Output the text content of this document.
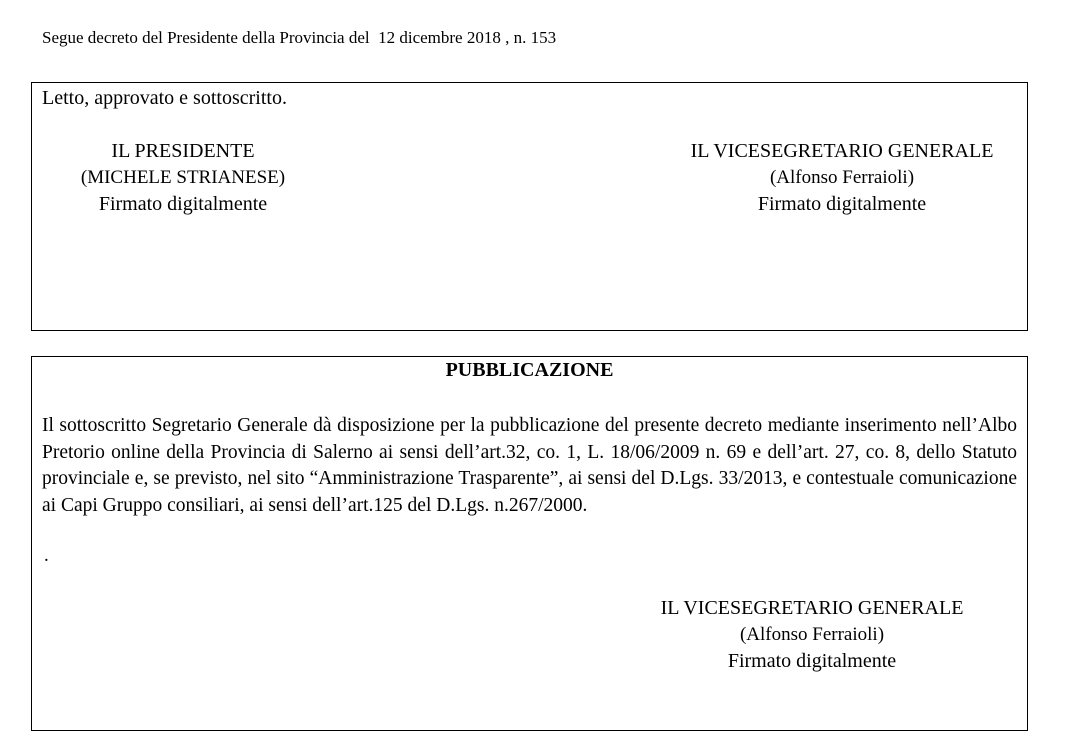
Segue decreto del Presidente della Provincia del  12 dicembre 2018 , n. 153
Letto, approvato e sottoscritto.
IL PRESIDENTE
(MICHELE STRIANESE)
Firmato digitalmente
IL VICESEGRETARIO GENERALE
(Alfonso Ferraioli)
Firmato digitalmente
PUBBLICAZIONE
Il sottoscritto Segretario Generale dà disposizione per la pubblicazione del presente decreto mediante inserimento nell’Albo Pretorio online della Provincia di Salerno ai sensi dell’art.32, co. 1, L. 18/06/2009 n. 69 e dell’art. 27, co. 8, dello Statuto provinciale e, se previsto, nel sito “Amministrazione Trasparente”, ai sensi del D.Lgs. 33/2013, e contestuale comunicazione ai Capi Gruppo consiliari, ai sensi dell’art.125 del D.Lgs. n.267/2000.
.
IL VICESEGRETARIO GENERALE
(Alfonso Ferraioli)
Firmato digitalmente
